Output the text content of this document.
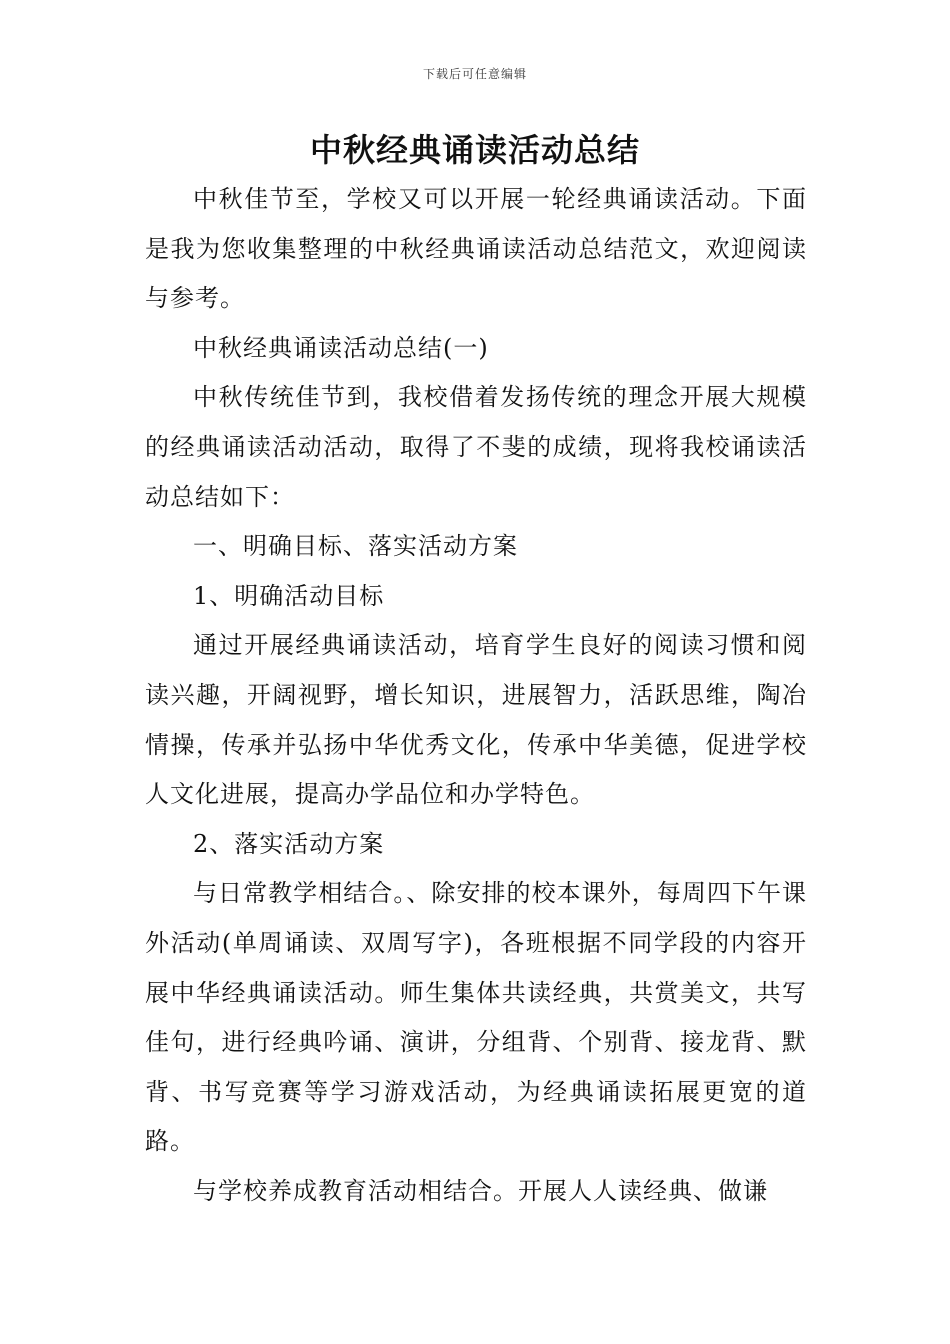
下载后可任意编辑
中秋经典诵读活动总结

中秋佳节至，学校又可以开展一轮经典诵读活动。下面是我为您收集整理的中秋经典诵读活动总结范文，欢迎阅读与参考。

中秋经典诵读活动总结(一)

中秋传统佳节到，我校借着发扬传统的理念开展大规模的经典诵读活动活动，取得了不斐的成绩，现将我校诵读活动总结如下：

一、明确目标、落实活动方案

1、明确活动目标

通过开展经典诵读活动，培育学生良好的阅读习惯和阅读兴趣，开阔视野，增长知识，进展智力，活跃思维，陶冶情操，传承并弘扬中华优秀文化，传承中华美德，促进学校人文化进展，提高办学品位和办学特色。

2、落实活动方案

与日常教学相结合。、除安排的校本课外，每周四下午课外活动(单周诵读、双周写字)，各班根据不同学段的内容开展中华经典诵读活动。师生集体共读经典，共赏美文，共写佳句，进行经典吟诵、演讲，分组背、个别背、接龙背、默背、书写竞赛等学习游戏活动，为经典诵读拓展更宽的道路。

与学校养成教育活动相结合。开展人人读经典、做谦
